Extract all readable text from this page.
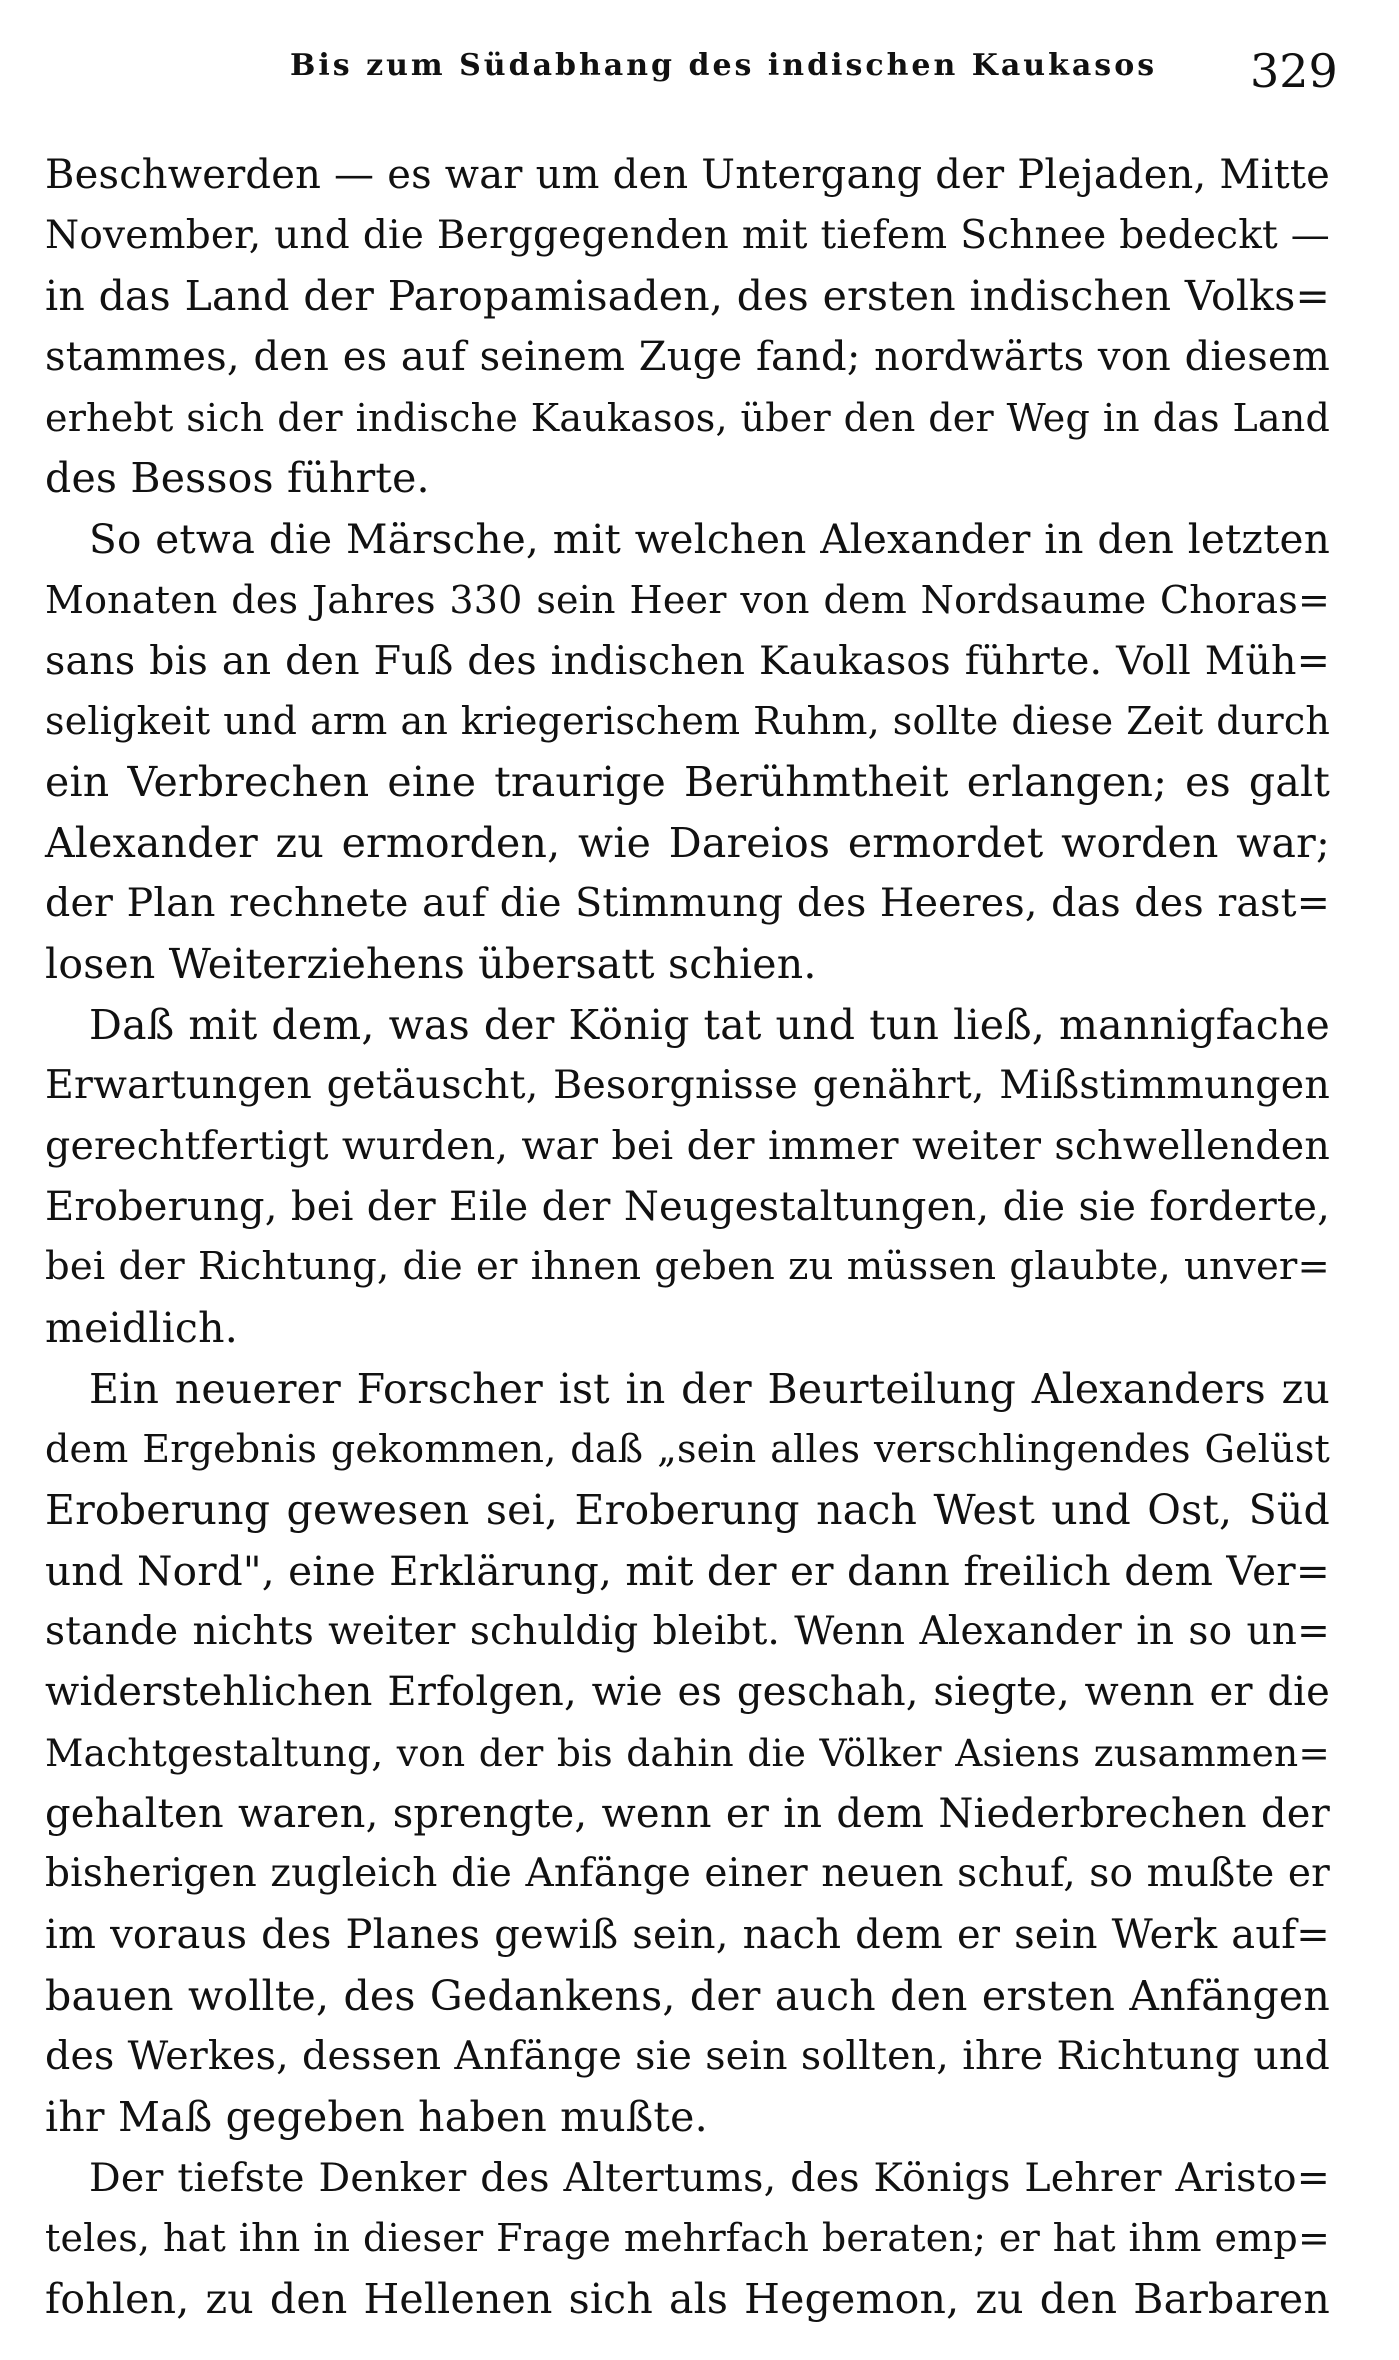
Bis zum Südabhang des indischen Kaukasos 329
Beschwerden — es war um den Untergang der Plejaden, Mitte
November, und die Berggegenden mit tiefem Schnee bedeckt —
in das Land der Paropamisaden, des ersten indischen Volks=
stammes, den es auf seinem Zuge fand; nordwärts von diesem
erhebt sich der indische Kaukasos, über den der Weg in das Land
des Bessos führte.
So etwa die Märsche, mit welchen Alexander in den letzten
Monaten des Jahres 330 sein Heer von dem Nordsaume Choras=
sans bis an den Fuß des indischen Kaukasos führte. Voll Müh=
seligkeit und arm an kriegerischem Ruhm, sollte diese Zeit durch
ein Verbrechen eine traurige Berühmtheit erlangen; es galt
Alexander zu ermorden, wie Dareios ermordet worden war;
der Plan rechnete auf die Stimmung des Heeres, das des rast=
losen Weiterziehens übersatt schien.
Daß mit dem, was der König tat und tun ließ, mannigfache
Erwartungen getäuscht, Besorgnisse genährt, Mißstimmungen
gerechtfertigt wurden, war bei der immer weiter schwellenden
Eroberung, bei der Eile der Neugestaltungen, die sie forderte,
bei der Richtung, die er ihnen geben zu müssen glaubte, unver=
meidlich.
Ein neuerer Forscher ist in der Beurteilung Alexanders zu
dem Ergebnis gekommen, daß „sein alles verschlingendes Gelüst
Eroberung gewesen sei, Eroberung nach West und Ost, Süd
und Nord", eine Erklärung, mit der er dann freilich dem Ver=
stande nichts weiter schuldig bleibt. Wenn Alexander in so un=
widerstehlichen Erfolgen, wie es geschah, siegte, wenn er die
Machtgestaltung, von der bis dahin die Völker Asiens zusammen=
gehalten waren, sprengte, wenn er in dem Niederbrechen der
bisherigen zugleich die Anfänge einer neuen schuf, so mußte er
im voraus des Planes gewiß sein, nach dem er sein Werk auf=
bauen wollte, des Gedankens, der auch den ersten Anfängen
des Werkes, dessen Anfänge sie sein sollten, ihre Richtung und
ihr Maß gegeben haben mußte.
Der tiefste Denker des Altertums, des Königs Lehrer Aristo=
teles, hat ihn in dieser Frage mehrfach beraten; er hat ihm emp=
fohlen, zu den Hellenen sich als Hegemon, zu den Barbaren
